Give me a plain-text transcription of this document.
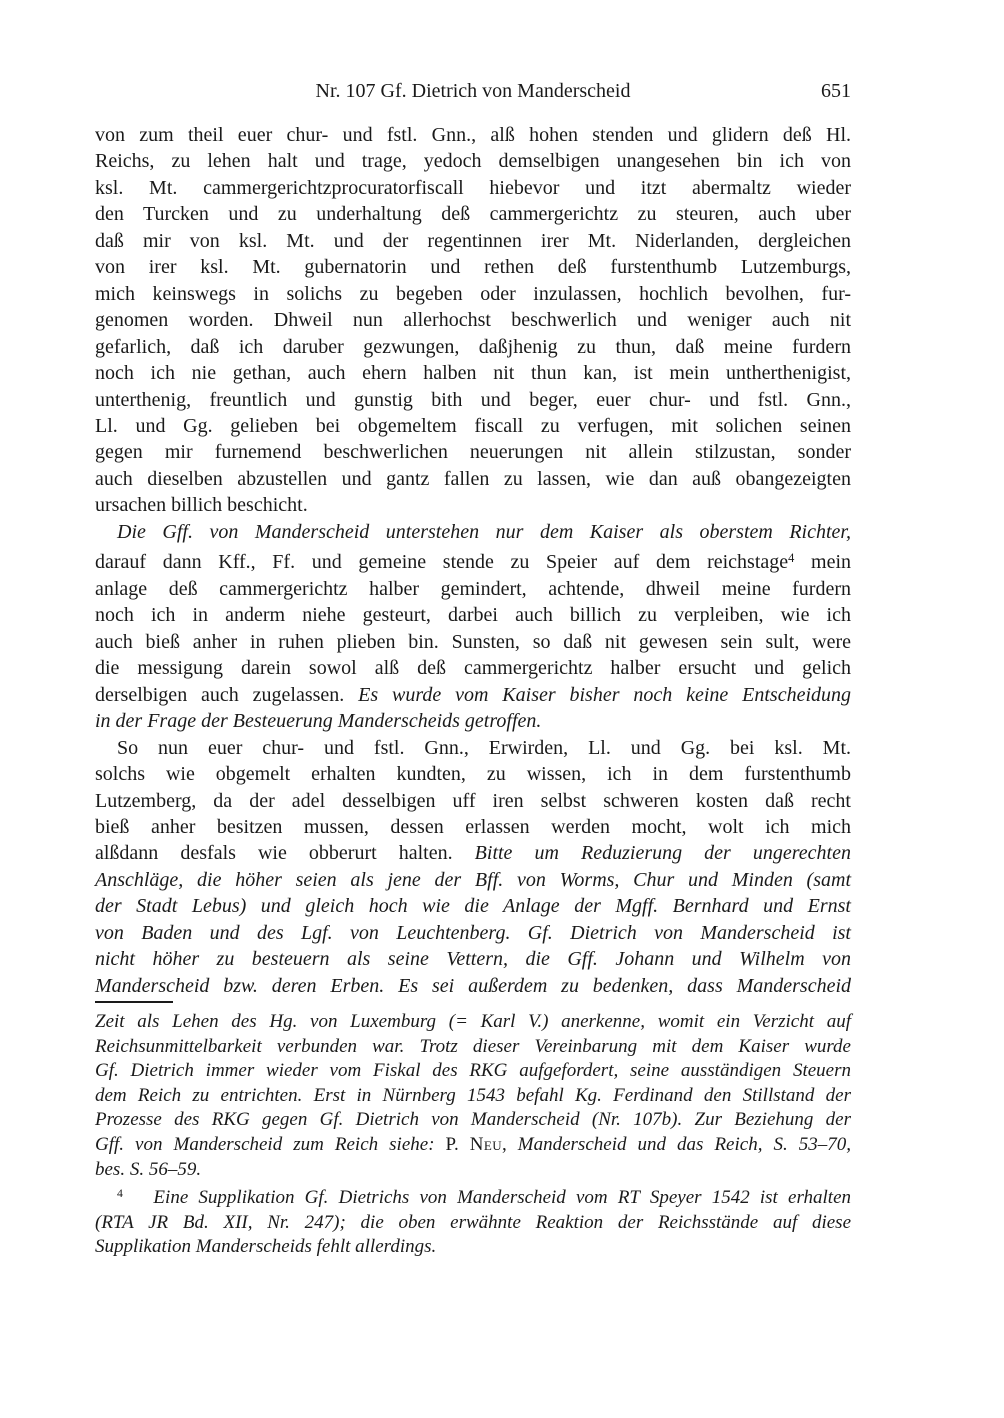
Nr. 107 Gf. Dietrich von Manderscheid	651
von zum theil euer chur- und fstl. Gnn., alß hohen stenden und glidern deß Hl.
Reichs, zu lehen halt und trage, yedoch demselbigen unangesehen bin ich von
ksl. Mt. cammergerichtzprocuratorfiscall hiebevor und itzt abermaltz wieder
den Turcken und zu underhaltung deß cammergerichtz zu steuren, auch uber
daß mir von ksl. Mt. und der regentinnen irer Mt. Niderlanden, dergleichen
von irer ksl. Mt. gubernatorin und rethen deß furstenthumb Lutzemburgs,
mich keinswegs in solichs zu begeben oder inzulassen, hochlich bevolhen, fur-
genomen worden. Dhweil nun allerhochst beschwerlich und weniger auch nit
gefarlich, daß ich daruber gezwungen, daßjhenig zu thun, daß meine furdern
noch ich nie gethan, auch ehern halben nit thun kan, ist mein untherthenigist,
unterthenig, freuntlich und gunstig bith und beger, euer chur- und fstl. Gnn.,
Ll. und Gg. gelieben bei obgemeltem fiscall zu verfugen, mit solichen seinen
gegen mir furnemend beschwerlichen neuerungen nit allein stilzustan, sonder
auch dieselben abzustellen und gantz fallen zu lassen, wie dan auß obangezeigten
ursachen billich beschicht.
Die Gff. von Manderscheid unterstehen nur dem Kaiser als oberstem Richter,
darauf dann Kff., Ff. und gemeine stende zu Speier auf dem reichstage$^4$ mein
anlage deß cammergerichtz halber gemindert, achtende, dhweil meine furdern
noch ich in anderm niehe gesteurt, darbei auch billich zu verpleiben, wie ich
auch bieß anher in ruhen plieben bin. Sunsten, so daß nit gewesen sein sult, were
die messigung darein sowol alß deß cammergerichtz halber ersucht und gelich
derselbigen auch zugelassen. Es wurde vom Kaiser bisher noch keine Entscheidung
in der Frage der Besteuerung Manderscheids getroffen.
So nun euer chur- und fstl. Gnn., Erwirden, Ll. und Gg. bei ksl. Mt.
solchs wie obgemelt erhalten kundten, zu wissen, ich in dem furstenthumb
Lutzemberg, da der adel desselbigen uff iren selbst schweren kosten daß recht
bieß anher besitzen mussen, dessen erlassen werden mocht, wolt ich mich
alßdann desfals wie obberurt halten. Bitte um Reduzierung der ungerechten
Anschläge, die höher seien als jene der Bff. von Worms, Chur und Minden (samt
der Stadt Lebus) und gleich hoch wie die Anlage der Mgff. Bernhard und Ernst
von Baden und des Lgf. von Leuchtenberg. Gf. Dietrich von Manderscheid ist
nicht höher zu besteuern als seine Vettern, die Gff. Johann und Wilhelm von
Manderscheid bzw. deren Erben. Es sei außerdem zu bedenken, dass Manderscheid
Zeit als Lehen des Hg. von Luxemburg (= Karl V.) anerkenne, womit ein Verzicht auf
Reichsunmittelbarkeit verbunden war. Trotz dieser Vereinbarung mit dem Kaiser wurde
Gf. Dietrich immer wieder vom Fiskal des RKG aufgefordert, seine ausständigen Steuern
dem Reich zu entrichten. Erst in Nürnberg 1543 befahl Kg. Ferdinand den Stillstand der
Prozesse des RKG gegen Gf. Dietrich von Manderscheid (Nr. 107b). Zur Beziehung der
Gff. von Manderscheid zum Reich siehe: P. Neu, Manderscheid und das Reich, S. 53–70,
bes. S. 56–59.
$^4$   Eine Supplikation Gf. Dietrichs von Manderscheid vom RT Speyer 1542 ist erhalten
(RTA JR Bd. XII, Nr. 247); die oben erwähnte Reaktion der Reichsstände auf diese
Supplikation Manderscheids fehlt allerdings.
